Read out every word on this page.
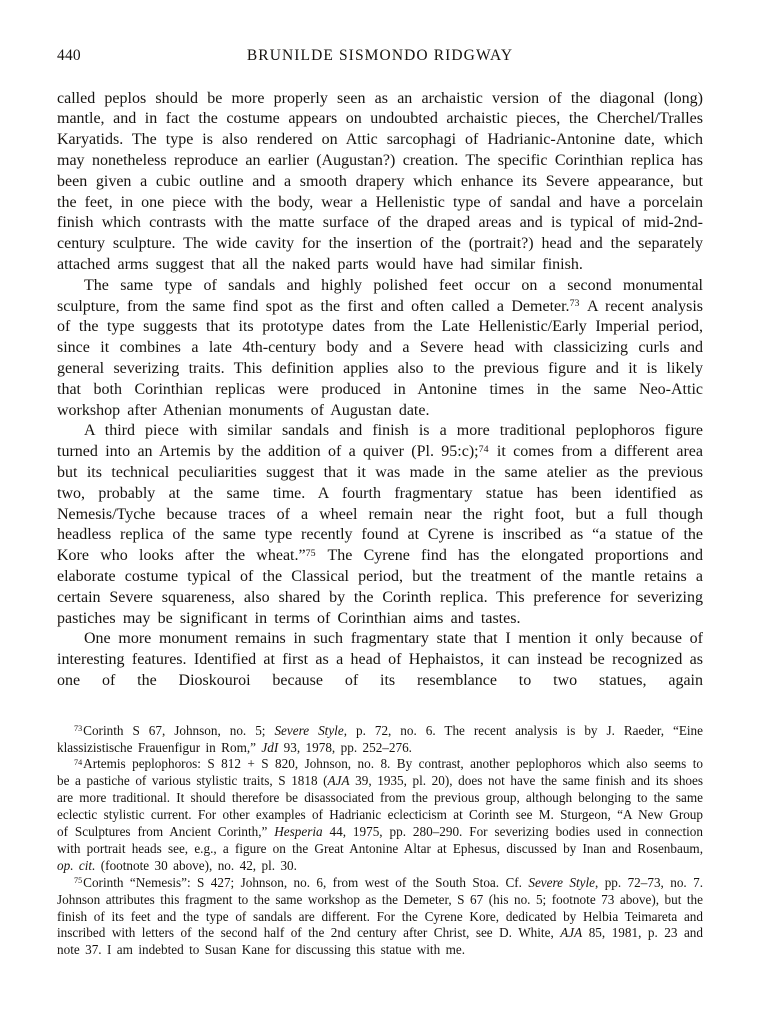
440	BRUNILDE SISMONDO RIDGWAY

called peplos should be more properly seen as an archaistic version of the diagonal (long) mantle, and in fact the costume appears on undoubted archaistic pieces, the Cherchel/Tralles Karyatids. The type is also rendered on Attic sarcophagi of Hadrianic-Antonine date, which may nonetheless reproduce an earlier (Augustan?) creation. The specific Corinthian replica has been given a cubic outline and a smooth drapery which enhance its Severe appearance, but the feet, in one piece with the body, wear a Hellenistic type of sandal and have a porcelain finish which contrasts with the matte surface of the draped areas and is typical of mid-2nd-century sculpture. The wide cavity for the insertion of the (portrait?) head and the separately attached arms suggest that all the naked parts would have had similar finish.

The same type of sandals and highly polished feet occur on a second monumental sculpture, from the same find spot as the first and often called a Demeter.$^{73}$ A recent analysis of the type suggests that its prototype dates from the Late Hellenistic/Early Imperial period, since it combines a late 4th-century body and a Severe head with classicizing curls and general severizing traits. This definition applies also to the previous figure and it is likely that both Corinthian replicas were produced in Antonine times in the same Neo-Attic workshop after Athenian monuments of Augustan date.

A third piece with similar sandals and finish is a more traditional peplophoros figure turned into an Artemis by the addition of a quiver (Pl. 95:c);$^{74}$ it comes from a different area but its technical peculiarities suggest that it was made in the same atelier as the previous two, probably at the same time. A fourth fragmentary statue has been identified as Nemesis/Tyche because traces of a wheel remain near the right foot, but a full though headless replica of the same type recently found at Cyrene is inscribed as “a statue of the Kore who looks after the wheat.”$^{75}$ The Cyrene find has the elongated proportions and elaborate costume typical of the Classical period, but the treatment of the mantle retains a certain Severe squareness, also shared by the Corinth replica. This preference for severizing pastiches may be significant in terms of Corinthian aims and tastes.

One more monument remains in such fragmentary state that I mention it only because of interesting features. Identified at first as a head of Hephaistos, it can instead be recognized as one of the Dioskouroi because of its resemblance to two statues, again

$^{73}$Corinth S 67, Johnson, no. 5; Severe Style, p. 72, no. 6. The recent analysis is by J. Raeder, “Eine klassizistische Frauenfigur in Rom,” JdI 93, 1978, pp. 252–276.

$^{74}$Artemis peplophoros: S 812 + S 820, Johnson, no. 8. By contrast, another peplophoros which also seems to be a pastiche of various stylistic traits, S 1818 (AJA 39, 1935, pl. 20), does not have the same finish and its shoes are more traditional. It should therefore be disassociated from the previous group, although belonging to the same eclectic stylistic current. For other examples of Hadrianic eclecticism at Corinth see M. Sturgeon, “A New Group of Sculptures from Ancient Corinth,” Hesperia 44, 1975, pp. 280–290. For severizing bodies used in connection with portrait heads see, e.g., a figure on the Great Antonine Altar at Ephesus, discussed by Inan and Rosenbaum, op. cit. (footnote 30 above), no. 42, pl. 30.

$^{75}$Corinth “Nemesis”: S 427; Johnson, no. 6, from west of the South Stoa. Cf. Severe Style, pp. 72–73, no. 7. Johnson attributes this fragment to the same workshop as the Demeter, S 67 (his no. 5; footnote 73 above), but the finish of its feet and the type of sandals are different. For the Cyrene Kore, dedicated by Helbia Teimareta and inscribed with letters of the second half of the 2nd century after Christ, see D. White, AJA 85, 1981, p. 23 and note 37. I am indebted to Susan Kane for discussing this statue with me.
